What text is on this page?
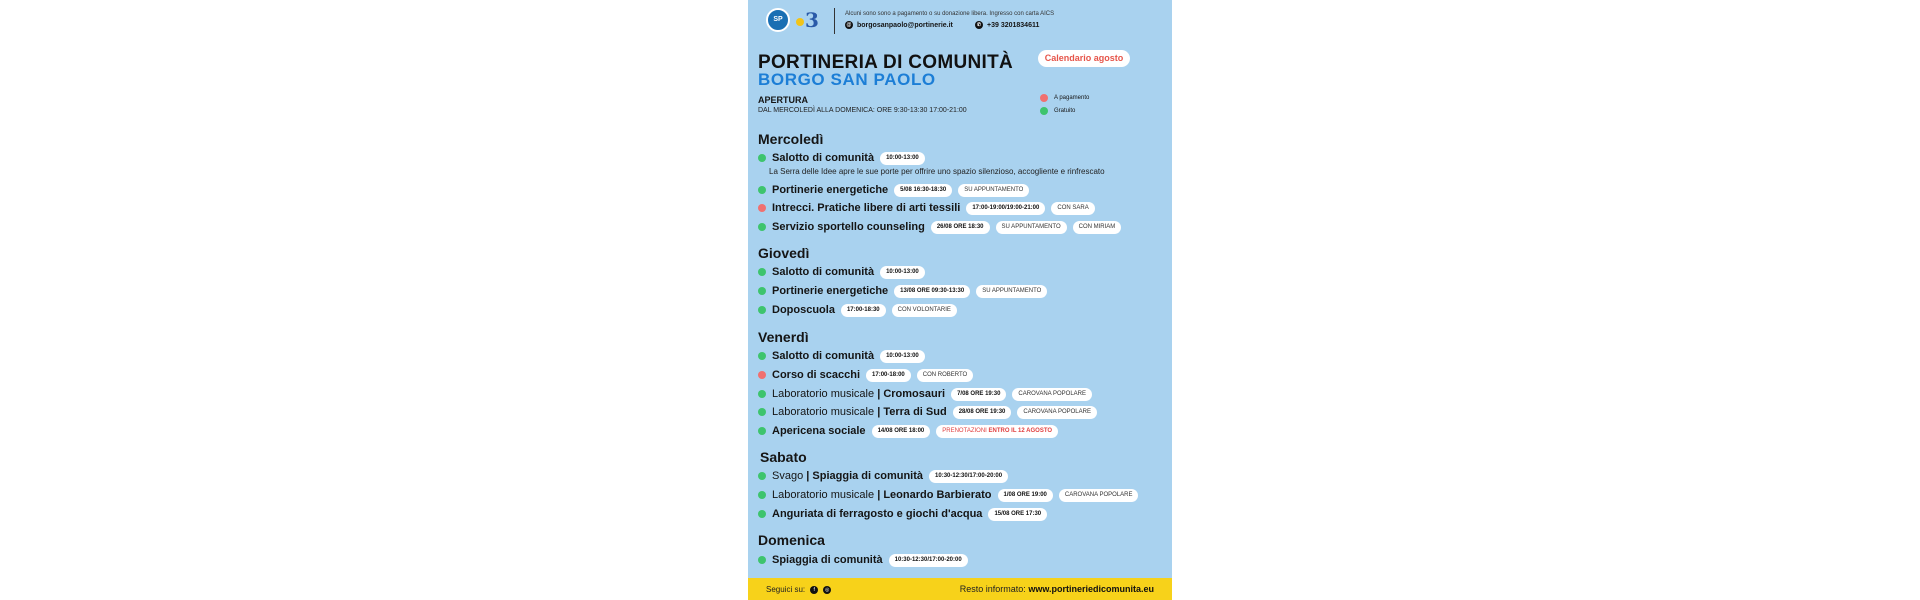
SP	3	Alcuni sono sono a pagamento o su donazione libera. Ingresso con carta AICS
@ borgosanpaolo@portinerie.it	✆ +39 3201834611
PORTINERIA DI COMUNITÀ
BORGO SAN PAOLO
Calendario agosto
APERTURA
DAL MERCOLEDÌ ALLA DOMENICA: ORE 9:30-13:30 17:00-21:00
A pagamento
Gratuito
Mercoledì
Salotto di comunità	10:00-13:00
La Serra delle Idee apre le sue porte per offrire uno spazio silenzioso, accogliente e rinfrescato
Portinerie energetiche	5/08 16:30-18:30	SU APPUNTAMENTO
Intrecci. Pratiche libere di arti tessili	17:00-19:00/19:00-21:00	CON SARA
Servizio sportello counseling	26/08 ORE 18:30	SU APPUNTAMENTO	CON MIRIAM
Giovedì
Salotto di comunità	10:00-13:00
Portinerie energetiche	13/08 ORE 09:30-13:30	SU APPUNTAMENTO
Doposcuola	17:00-18:30	CON VOLONTARIE
Venerdì
Salotto di comunità	10:00-13:00
Corso di scacchi	17:00-18:00	CON ROBERTO
Laboratorio musicale | Cromosauri	7/08 ORE 19:30	CAROVANA POPOLARE
Laboratorio musicale | Terra di Sud	28/08 ORE 19:30	CAROVANA POPOLARE
Apericena sociale	14/08 ORE 18:00	PRENOTAZIONI ENTRO IL 12 AGOSTO
Sabato
Svago | Spiaggia di comunità	10:30-12:30/17:00-20:00
Laboratorio musicale | Leonardo Barbierato	1/08 ORE 19:00	CAROVANA POPOLARE
Anguriata di ferragosto e giochi d'acqua	15/08 ORE 17:30
Domenica
Spiaggia di comunità	10:30-12:30/17:00-20:00
Seguici su:	f	◎	Resto informato: www.portineriedicomunita.eu
